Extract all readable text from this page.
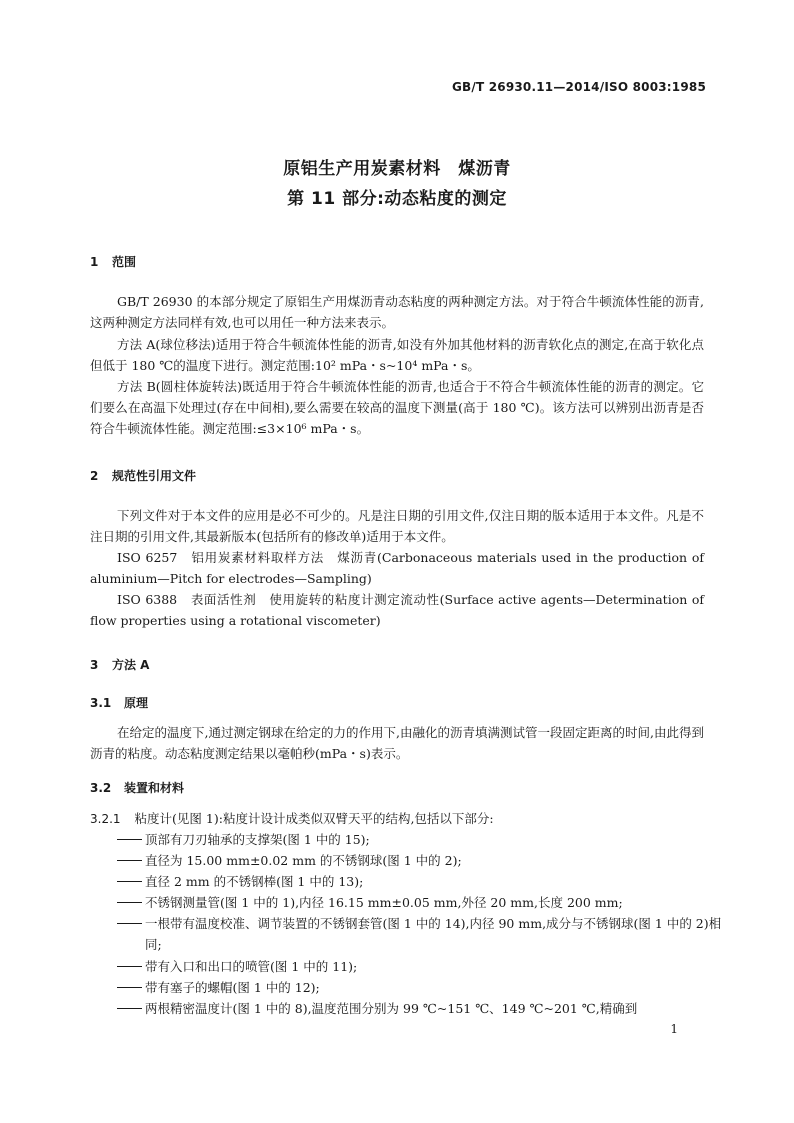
GB/T 26930.11—2014/ISO 8003:1985
原铝生产用炭素材料　煤沥青
第 11 部分:动态粘度的测定
1 范围

GB/T 26930 的本部分规定了原铝生产用煤沥青动态粘度的两种测定方法。对于符合牛顿流体性能的沥青,这两种测定方法同样有效,也可以用任一种方法来表示。

方法 A(球位移法)适用于符合牛顿流体性能的沥青,如没有外加其他材料的沥青软化点的测定,在高于软化点但低于 180 ℃的温度下进行。测定范围:10² mPa・s~10⁴ mPa・s。

方法 B(圆柱体旋转法)既适用于符合牛顿流体性能的沥青,也适合于不符合牛顿流体性能的沥青的测定。它们要么在高温下处理过(存在中间相),要么需要在较高的温度下测量(高于 180 ℃)。该方法可以辨别出沥青是否符合牛顿流体性能。测定范围:≤3×10⁶ mPa・s。

2 规范性引用文件

下列文件对于本文件的应用是必不可少的。凡是注日期的引用文件,仅注日期的版本适用于本文件。凡是不注日期的引用文件,其最新版本(包括所有的修改单)适用于本文件。

ISO 6257　铝用炭素材料取样方法　煤沥青(Carbonaceous materials used in the production of aluminium—Pitch for electrodes—Sampling)

ISO 6388　表面活性剂　使用旋转的粘度计测定流动性(Surface active agents—Determination of flow properties using a rotational viscometer)

3 方法 A
3.1 原理

在给定的温度下,通过测定钢球在给定的力的作用下,由融化的沥青填满测试管一段固定距离的时间,由此得到沥青的粘度。动态粘度测定结果以毫帕秒(mPa・s)表示。

3.2 装置和材料

3.2.1 粘度计(见图 1):粘度计设计成类似双臂天平的结构,包括以下部分:

顶部有刀刃轴承的支撑架(图 1 中的 15);

直径为 15.00 mm±0.02 mm 的不锈钢球(图 1 中的 2);

直径 2 mm 的不锈钢棒(图 1 中的 13);

不锈钢测量管(图 1 中的 1),内径 16.15 mm±0.05 mm,外径 20 mm,长度 200 mm;

一根带有温度校准、调节装置的不锈钢套管(图 1 中的 14),内径 90 mm,成分与不锈钢球(图 1 中的 2)相同;

带有入口和出口的喷管(图 1 中的 11);

带有塞子的螺帽(图 1 中的 12);

两根精密温度计(图 1 中的 8),温度范围分别为 99 ℃~151 ℃、149 ℃~201 ℃,精确到

1
